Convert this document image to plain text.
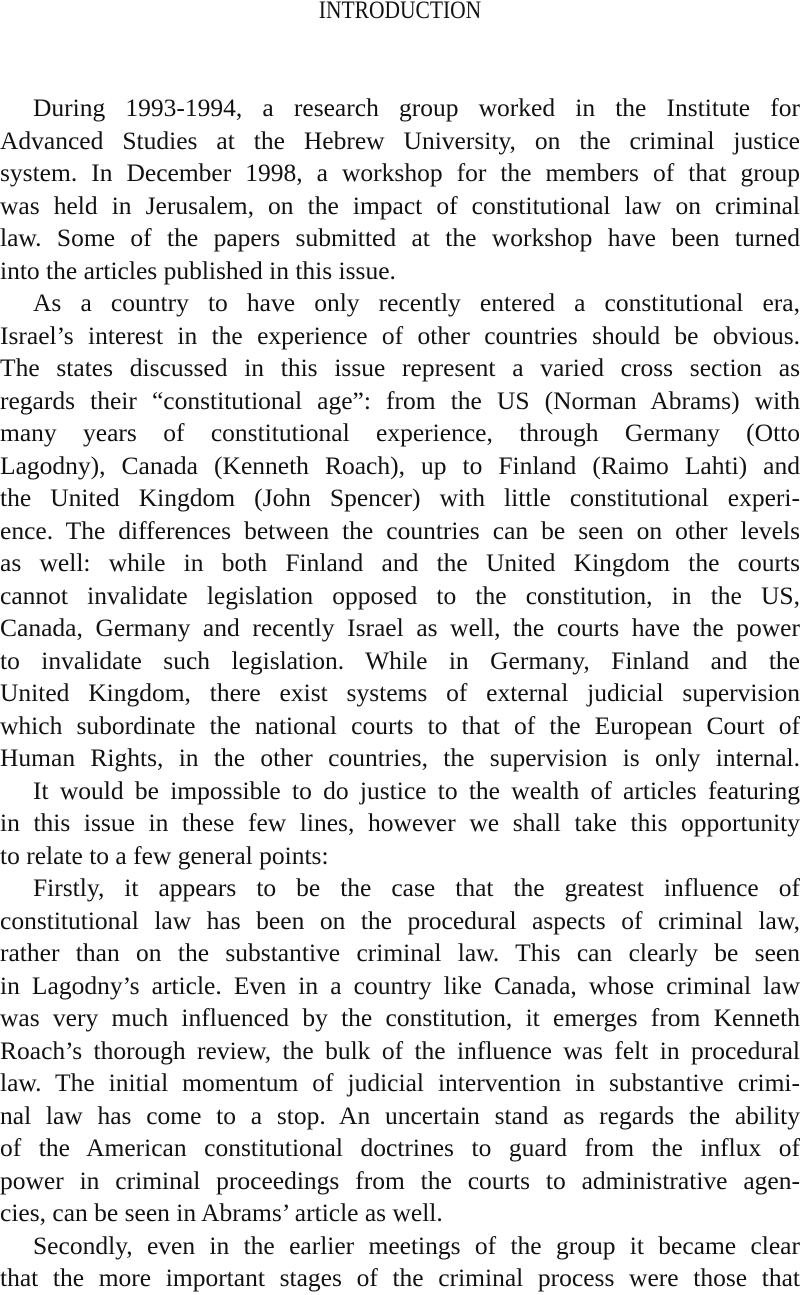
INTRODUCTION
During 1993-1994, a research group worked in the Institute for
Advanced Studies at the Hebrew University, on the criminal justice
system. In December 1998, a workshop for the members of that group
was held in Jerusalem, on the impact of constitutional law on criminal
law. Some of the papers submitted at the workshop have been turned
into the articles published in this issue.
As a country to have only recently entered a constitutional era,
Israel’s interest in the experience of other countries should be obvious.
The states discussed in this issue represent a varied cross section as
regards their “constitutional age”: from the US (Norman Abrams) with
many years of constitutional experience, through Germany (Otto
Lagodny), Canada (Kenneth Roach), up to Finland (Raimo Lahti) and
the United Kingdom (John Spencer) with little constitutional experi-
ence. The differences between the countries can be seen on other levels
as well: while in both Finland and the United Kingdom the courts
cannot invalidate legislation opposed to the constitution, in the US,
Canada, Germany and recently Israel as well, the courts have the power
to invalidate such legislation. While in Germany, Finland and the
United Kingdom, there exist systems of external judicial supervision
which subordinate the national courts to that of the European Court of
Human Rights, in the other countries, the supervision is only internal.
It would be impossible to do justice to the wealth of articles featuring
in this issue in these few lines, however we shall take this opportunity
to relate to a few general points:
Firstly, it appears to be the case that the greatest influence of
constitutional law has been on the procedural aspects of criminal law,
rather than on the substantive criminal law. This can clearly be seen
in Lagodny’s article. Even in a country like Canada, whose criminal law
was very much influenced by the constitution, it emerges from Kenneth
Roach’s thorough review, the bulk of the influence was felt in procedural
law. The initial momentum of judicial intervention in substantive crimi-
nal law has come to a stop. An uncertain stand as regards the ability
of the American constitutional doctrines to guard from the influx of
power in criminal proceedings from the courts to administrative agen-
cies, can be seen in Abrams’ article as well.
Secondly, even in the earlier meetings of the group it became clear
that the more important stages of the criminal process were those that
